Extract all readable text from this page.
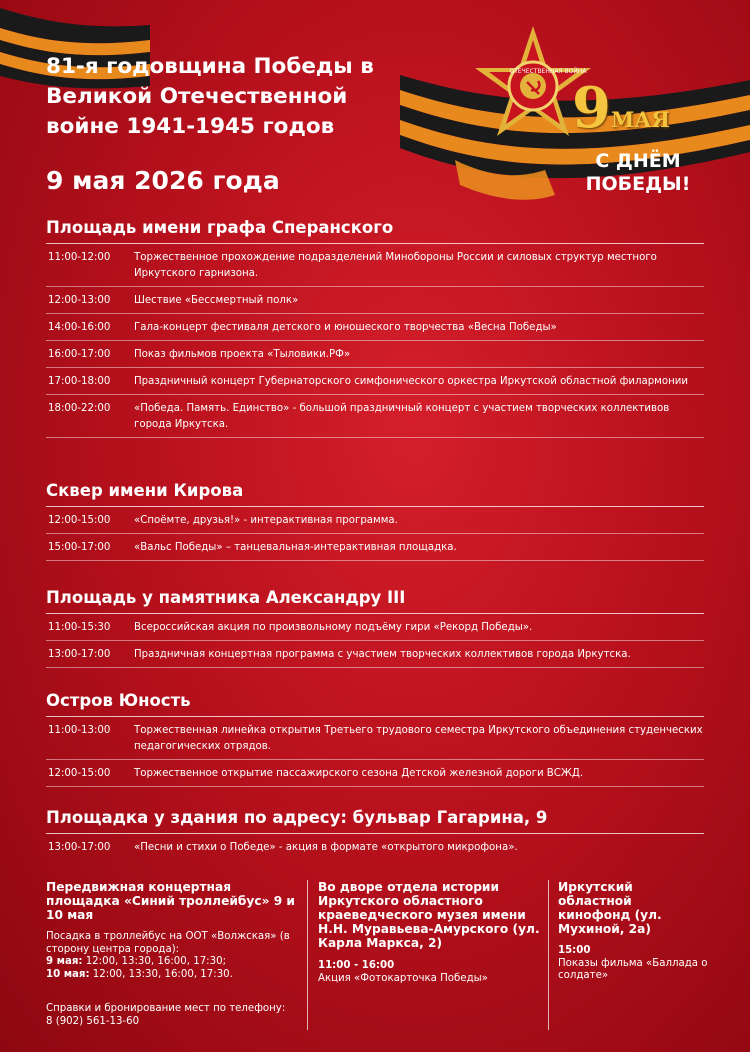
ОТЕЧЕСТВЕННАЯ ВОЙНА
9МАЯ
С ДНЁМ ПОБЕДЫ!
81-я годовщина Победы в Великой Отечественной войне 1941-1945 годов
9 мая 2026 года
Площадь имени графа Сперанского
11:00-12:00	Торжественное прохождение подразделений Минобороны России и силовых структур местного Иркутского гарнизона.
12:00-13:00	Шествие «Бессмертный полк»
14:00-16:00	Гала-концерт фестиваля детского и юношеского творчества «Весна Победы»
16:00-17:00	Показ фильмов проекта «Тыловики.РФ»
17:00-18:00	Праздничный концерт Губернаторского симфонического оркестра Иркутской областной филармонии
18:00-22:00	«Победа. Память. Единство» - большой праздничный концерт с участием творческих коллективов города Иркутска.
Сквер имени Кирова
12:00-15:00	«Споёмте, друзья!» - интерактивная программа.
15:00-17:00	«Вальс Победы» – танцевальная-интерактивная площадка.
Площадь у памятника Александру III
11:00-15:30	Всероссийская акция по произвольному подъёму гири «Рекорд Победы».
13:00-17:00	Праздничная концертная программа с участием творческих коллективов города Иркутска.
Остров Юность
11:00-13:00	Торжественная линейка открытия Третьего трудового семестра Иркутского объединения студенческих педагогических отрядов.
12:00-15:00	Торжественное открытие пассажирского сезона Детской железной дороги ВСЖД.
Площадка у здания по адресу: бульвар Гагарина, 9
13:00-17:00	«Песни и стихи о Победе» - акция в формате «открытого микрофона».
Передвижная концертная площадка «Синий троллейбус» 9 и 10 мая
Посадка в троллейбус на ООТ «Волжская» (в сторону центра города):
9 мая: 12:00, 13:30, 16:00, 17:30;
10 мая: 12:00, 13:30, 16:00, 17:30.
Справки и бронирование мест по телефону:
8 (902) 561-13-60
Во дворе отдела истории Иркутского областного краеведческого музея имени Н.Н. Муравьева-Амурского (ул. Карла Маркса, 2)
11:00 - 16:00
Акция «Фотокарточка Победы»
Иркутский областной кинофонд (ул. Мухиной, 2а)
15:00
Показы фильма «Баллада о солдате»
